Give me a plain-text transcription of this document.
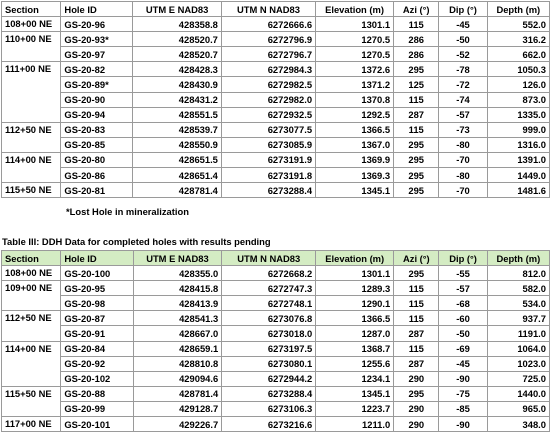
Section	Hole ID	UTM E NAD83	UTM N NAD83	Elevation (m)	Azi (°)	Dip (°)	Depth (m)
108+00 NE	GS-20-96	428358.8	6272666.6	1301.1	115	-45	552.0
110+00 NE	GS-20-93*	428520.7	6272796.9	1270.5	286	-50	316.2
	GS-20-97	428520.7	6272796.7	1270.5	286	-52	662.0
111+00 NE	GS-20-82	428428.3	6272984.3	1372.6	295	-78	1050.3
	GS-20-89*	428430.9	6272982.5	1371.2	125	-72	126.0
	GS-20-90	428431.2	6272982.0	1370.8	115	-74	873.0
	GS-20-94	428551.5	6272932.5	1292.5	287	-57	1335.0
112+50 NE	GS-20-83	428539.7	6273077.5	1366.5	115	-73	999.0
	GS-20-85	428550.9	6273085.9	1367.0	295	-80	1316.0
114+00 NE	GS-20-80	428651.5	6273191.9	1369.9	295	-70	1391.0
	GS-20-86	428651.4	6273191.8	1369.3	295	-80	1449.0
115+50 NE	GS-20-81	428781.4	6273288.4	1345.1	295	-70	1481.6
*Lost Hole in mineralization
Table III: DDH Data for completed holes with results pending
Section	Hole ID	UTM E NAD83	UTM N NAD83	Elevation (m)	Azi (°)	Dip (°)	Depth (m)
108+00 NE	GS-20-100	428355.0	6272668.2	1301.1	295	-55	812.0
109+00 NE	GS-20-95	428415.8	6272747.3	1289.3	115	-57	582.0
	GS-20-98	428413.9	6272748.1	1290.1	115	-68	534.0
112+50 NE	GS-20-87	428541.3	6273076.8	1366.5	115	-60	937.7
	GS-20-91	428667.0	6273018.0	1287.0	287	-50	1191.0
114+00 NE	GS-20-84	428659.1	6273197.5	1368.7	115	-69	1064.0
	GS-20-92	428810.8	6273080.1	1255.6	287	-45	1023.0
	GS-20-102	429094.6	6272944.2	1234.1	290	-90	725.0
115+50 NE	GS-20-88	428781.4	6273288.4	1345.1	295	-75	1440.0
	GS-20-99	429128.7	6273106.3	1223.7	290	-85	965.0
117+00 NE	GS-20-101	429226.7	6273216.6	1211.0	290	-90	348.0
